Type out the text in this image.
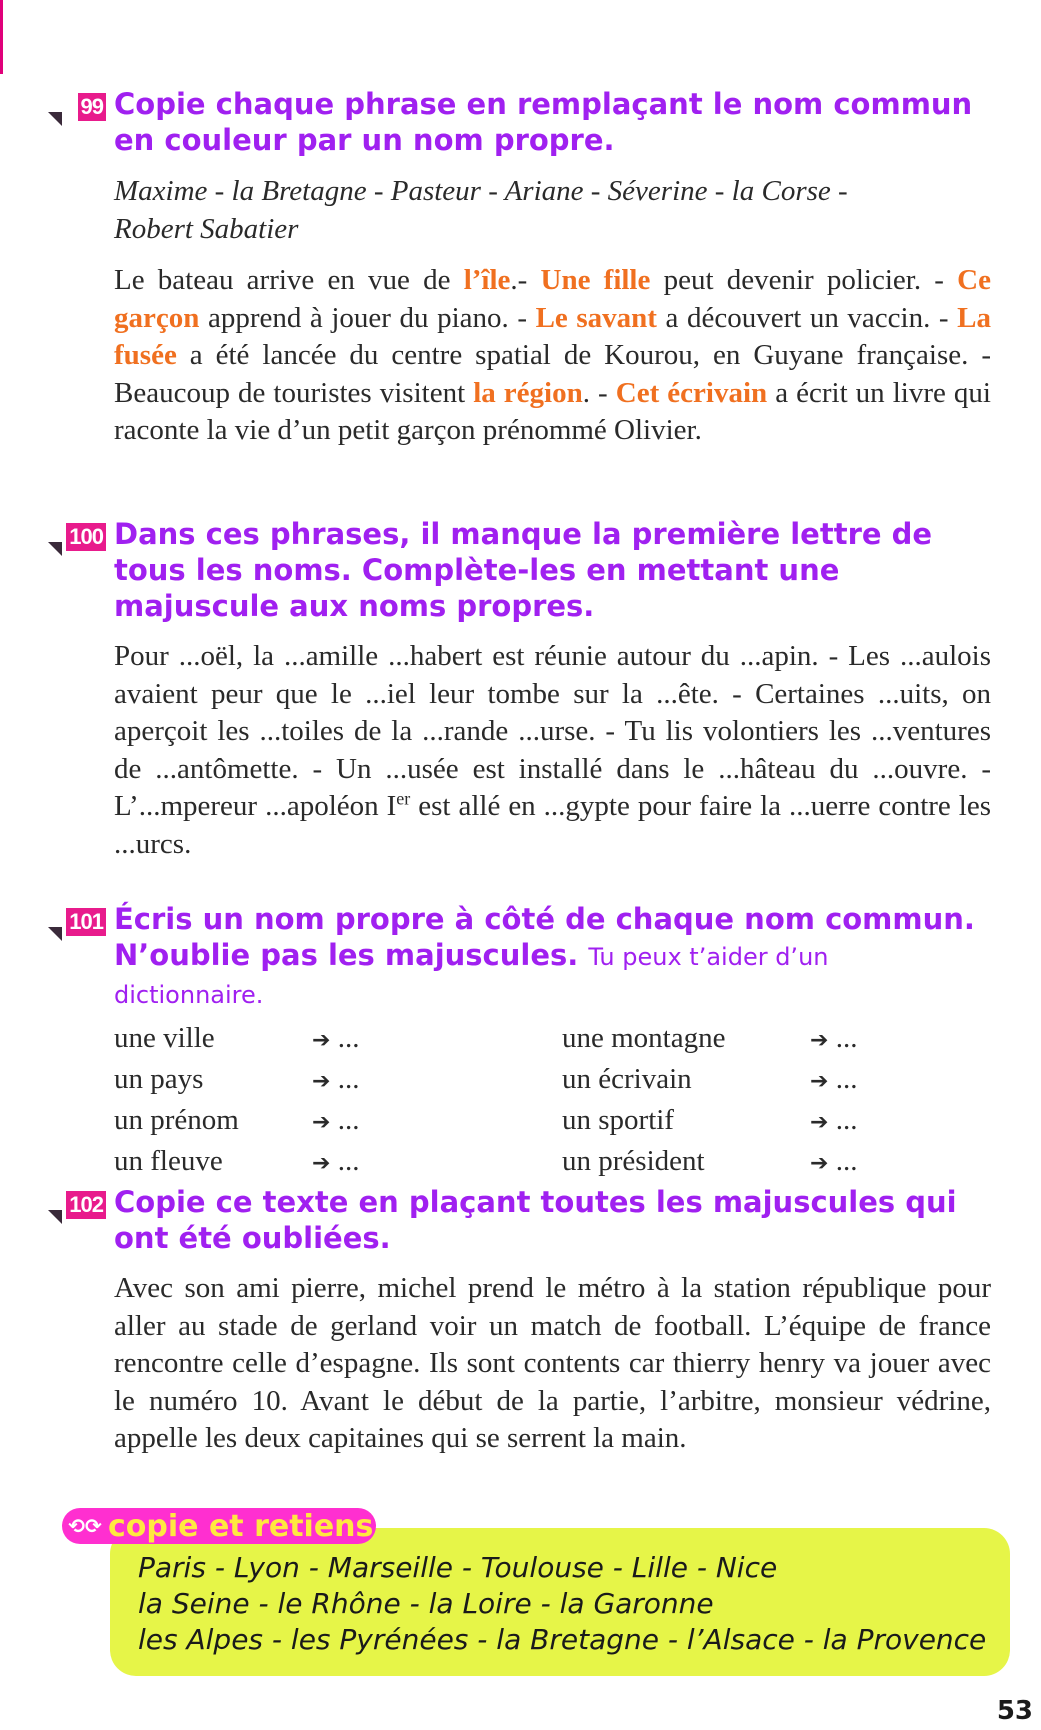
99 Copie chaque phrase en remplaçant le nom commun en couleur par un nom propre.
Maxime - la Bretagne - Pasteur - Ariane - Séverine - la Corse -
Robert Sabatier
Le bateau arrive en vue de l’île.- Une fille peut devenir policier. - Ce garçon apprend à jouer du piano. - Le savant a découvert un vaccin. - La fusée a été lancée du centre spatial de Kourou, en Guyane française. - Beaucoup de touristes visitent la région. - Cet écrivain a écrit un livre qui raconte la vie d’un petit garçon prénommé Olivier.
100 Dans ces phrases, il manque la première lettre de tous les noms. Complète-les en mettant une majuscule aux noms propres.
Pour ...oël, la ...amille ...habert est réunie autour du ...apin. - Les ...aulois avaient peur que le ...iel leur tombe sur la ...ête. - Certaines ...uits, on aperçoit les ...toiles de la ...rande ...urse. - Tu lis volontiers les ...ventures de ...antômette. - Un ...usée est installé dans le ...hâteau du ...ouvre. - L’...mpereur ...apoléon Ier est allé en ...gypte pour faire la ...uerre contre les ...urcs.
101 Écris un nom propre à côté de chaque nom commun. N’oublie pas les majuscules. Tu peux t’aider d’un dictionnaire.
une ville	➔ ...	une montagne	➔ ...
un pays	➔ ...	un écrivain	➔ ...
un prénom	➔ ...	un sportif	➔ ...
un fleuve	➔ ...	un président	➔ ...
102 Copie ce texte en plaçant toutes les majuscules qui ont été oubliées.
Avec son ami pierre, michel prend le métro à la station république pour aller au stade de gerland voir un match de football. L’équipe de france rencontre celle d’espagne. Ils sont contents car thierry henry va jouer avec le numéro 10. Avant le début de la partie, l’arbitre, monsieur védrine, appelle les deux capitaines qui se serrent la main.
⟲⟳ copie et retiens
Paris - Lyon - Marseille - Toulouse - Lille - Nice
la Seine - le Rhône - la Loire - la Garonne
les Alpes - les Pyrénées - la Bretagne - l’Alsace - la Provence
53
